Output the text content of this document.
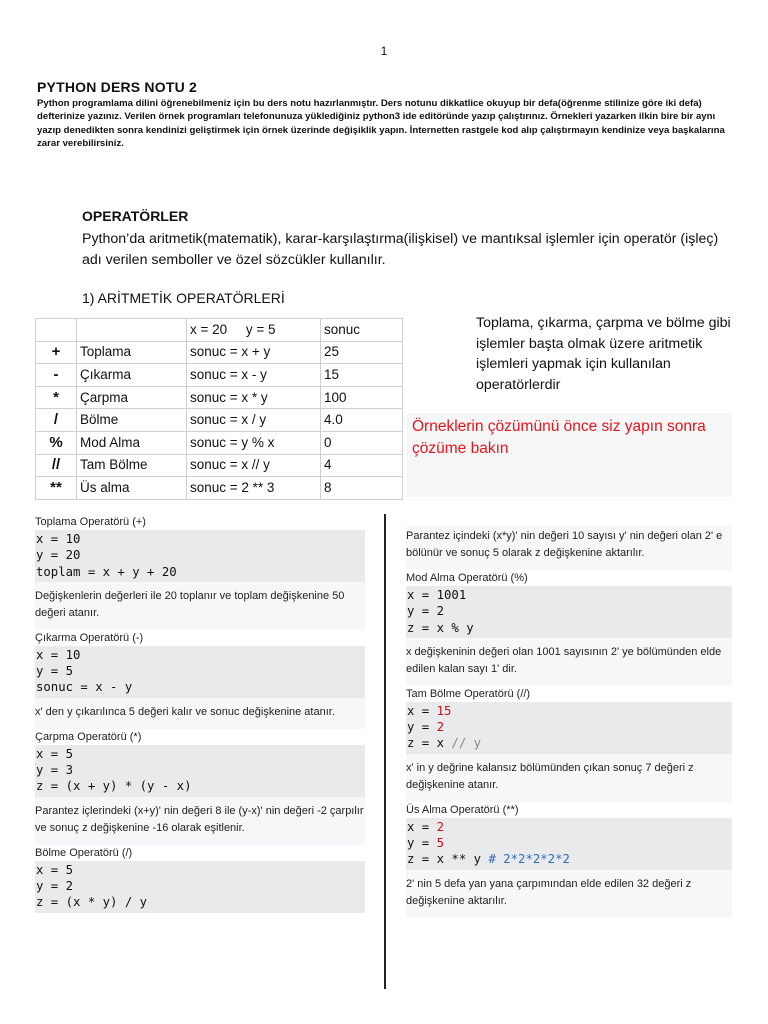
1
PYTHON DERS NOTU 2
Python programlama dilini öğrenebilmeniz için bu ders notu hazırlanmıştır. Ders notunu dikkatlice okuyup bir defa(öğrenme stilinize göre iki defa) defterinize yazınız. Verilen örnek programları telefonunuza yüklediğiniz python3 ide editöründe yazıp çalıştırınız. Örnekleri yazarken ilkin bire bir aynı yazıp denedikten sonra kendinizi geliştirmek için örnek üzerinde değişiklik yapın. İnternetten rastgele kod alıp çalıştırmayın kendinize veya başkalarına zarar verebilirsiniz.
OPERATÖRLER
Python’da aritmetik(matematik), karar-karşılaştırma(ilişkisel) ve mantıksal işlemler için operatör (işleç) adı verilen semboller ve özel sözcükler kullanılır.
1) ARİTMETİK OPERATÖRLERİ
		x = 20     y = 5	sonuc
+	Toplama	sonuc = x + y	25
-	Çıkarma	sonuc = x - y	15
*	Çarpma	sonuc = x * y	100
/	Bölme	sonuc = x / y	4.0
%	Mod Alma	sonuc = y % x	0
//	Tam Bölme	sonuc = x // y	4
**	Üs alma	sonuc = 2 ** 3	8
Toplama, çıkarma, çarpma ve bölme gibi işlemler başta olmak üzere aritmetik işlemleri yapmak için kullanılan operatörlerdir
Örneklerin çözümünü önce siz yapın sonra çözüme bakın
Toplama Operatörü (+)
x = 10
y = 20
toplam = x + y + 20
Değişkenlerin değerleri ile 20 toplanır ve toplam değişkenine 50 değeri atanır.
Çıkarma Operatörü (-)
x = 10
y = 5
sonuc = x - y
x' den y çıkarılınca 5 değeri kalır ve sonuc değişkenine atanır.
Çarpma Operatörü (*)
x = 5
y = 3
z = (x + y) * (y - x)
Parantez içlerindeki (x+y)' nin değeri 8 ile (y-x)' nin değeri -2 çarpılır ve sonuç z değişkenine -16 olarak eşitlenir.
Bölme Operatörü (/)
x = 5
y = 2
z = (x * y) / y
Parantez içindeki (x*y)' nin değeri 10 sayısı y' nin değeri olan 2' e bölünür ve sonuç 5 olarak z değişkenine aktarılır.
Mod Alma Operatörü (%)
x = 1001
y = 2
z = x % y
x değişkeninin değeri olan 1001 sayısının 2' ye bölümünden elde edilen kalan sayı 1' dir.
Tam Bölme Operatörü (//)
x = 15
y = 2
z = x // y
x' in y değrine kalansız bölümünden çıkan sonuç 7 değeri z değişkenine atanır.
Üs Alma Operatörü (**)
x = 2
y = 5
z = x ** y # 2*2*2*2*2
2' nin 5 defa yan yana çarpımından elde edilen 32 değeri z değişkenine aktarılır.
